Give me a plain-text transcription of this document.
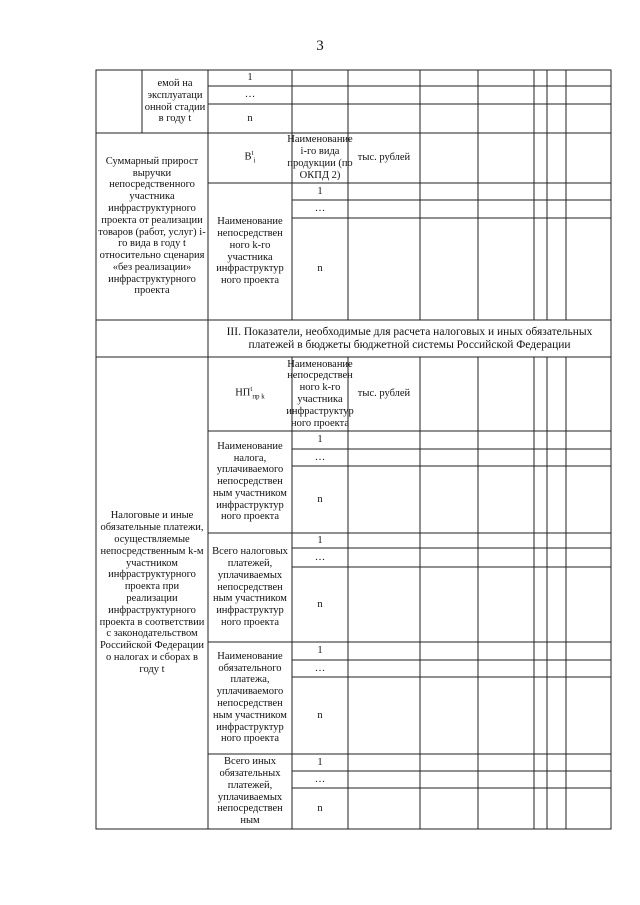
3
емой на эксплуатаци онной стадии в году t
1
…
n
Суммарный прирост выручки непосредственного участника инфраструктурного проекта от реализации товаров (работ, услуг) i-го вида в году t относительно сценария «без реализации» инфраструктурного проекта
$B^t_i$
Наименование i-го вида продукции (по ОКПД 2)
тыс. рублей
Наименование непосредствен ного k-го участника инфраструктур ного проекта
1
…
n
III. Показатели, необходимые для расчета налоговых и иных обязательных платежей в бюджеты бюджетной системы Российской Федерации
Налоговые и иные обязательные платежи, осуществляемые непосредственным k-м участником инфраструктурного проекта при реализации инфраструктурного проекта в соответствии с законодательством Российской Федерации о налогах и сборах в году t
$НП^t_{пр k}$
Наименование непосредствен ного k-го участника инфраструктур ного проекта
тыс. рублей
Наименование налога, уплачиваемого непосредствен ным участником инфраструктур ного проекта
1
…
n
Всего налоговых платежей, уплачиваемых непосредствен ным участником инфраструктур ного проекта
1
…
n
Наименование обязательного платежа, уплачиваемого непосредствен ным участником инфраструктур ного проекта
1
…
n
Всего иных обязательных платежей, уплачиваемых непосредствен ным
1
…
n
